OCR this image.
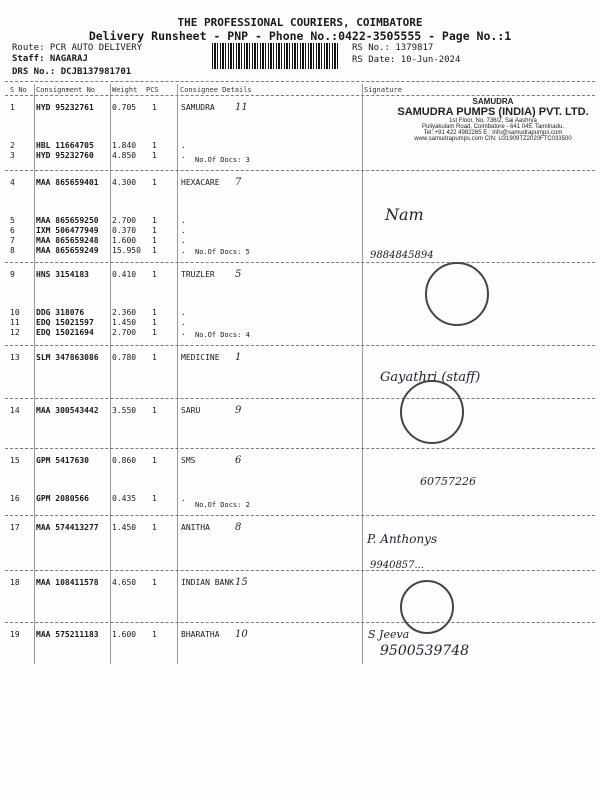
THE PROFESSIONAL COURIERS, COIMBATORE
Delivery Runsheet - PNP - Phone No.:0422-3505555 - Page No.:1
Route: PCR AUTO DELIVERY
Staff: NAGARAJ
DRS No.: DCJB137981701
RS No.: 1379817
RS Date: 10-Jun-2024
S No Consignment No Weight PCS	Consignee Details	Signature
1	HYD 95232761 0.705 1	SAMUDRA 11
2	HBL 11664705 1.840 1	.
3	HYD 95232760 4.850 1	. No.Of Docs: 3
4	MAA 865659401 4.300 1	HEXACARE 7
5	MAA 865659250 2.700 1	.
6	IXM 506477949 0.370 1	.
7	MAA 865659248 1.600 1	.
8	MAA 865659249 15.950 1	. No.Of Docs: 5
9	HNS 3154183	0.410 1	TRUZLER 5
10 DDG 318076	2.360 1	.
11 EDQ 15021597 1.450 1	.
12 EDQ 15021694 2.700 1	. No.Of Docs: 4
13 SLM 347863086 0.780 1	MEDICINE 1
14 MAA 300543442 3.550 1	SARU	9
15 GPM 5417630	0.860 1	SMS	6
16 GPM 2080566	0.435 1	.
No.Of Docs: 2
17 MAA 574413277 1.450 1	ANITHA	8
18 MAA 108411578 4.650 1	INDIAN BANK 15
19 MAA 575211183 1.600 1	BHARATHA 10
SAMUDRA
SAMUDRA PUMPS (INDIA) PVT. LTD.
1st Floor, No. 736/2, Sai Aashrya
Puliyakulam Road, Coimbatore - 641 045. Tamilnadu.
Tel: +91 422 4982265 E : info@samudrapumps.com
www.samudrapumps.com CIN: U31909TZ2020FTC033500
Nam
9884845894
Gayathri (staff)
60757226
P. Anthonys
9940857...
S Jeeva
9500539748
